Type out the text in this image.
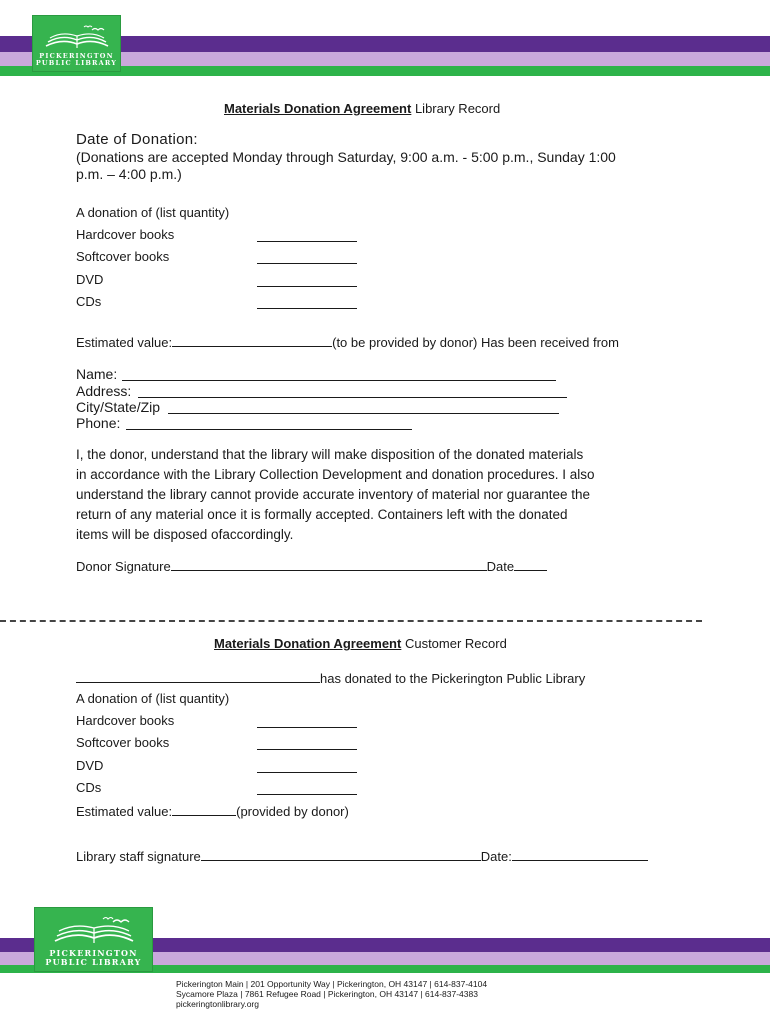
PICKERINGTON
PUBLIC LIBRARY
Materials Donation Agreement Library Record
Date of Donation:
(Donations are accepted Monday through Saturday, 9:00 a.m. - 5:00 p.m., Sunday 1:00
p.m. – 4:00 p.m.)
A donation of (list quantity)
Hardcover books
Softcover books
DVD
CDs
Estimated value:	(to be provided by donor) Has been received from
Name:
Address:
City/State/Zip
Phone:
I, the donor, understand that the library will make disposition of the donated materials
in accordance with the Library Collection Development and donation procedures. I also
understand the library cannot provide accurate inventory of material nor guarantee the
return of any material once it is formally accepted. Containers left with the donated
items will be disposed ofaccordingly.
Donor Signature	Date
Materials Donation Agreement Customer Record
has donated to the Pickerington Public Library
A donation of (list quantity)
Hardcover books
Softcover books
DVD
CDs
Estimated value:	(provided by donor)
Library staff signature	Date:
PICKERINGTON
PUBLIC LIBRARY
Pickerington Main | 201 Opportunity Way | Pickerington, OH 43147 | 614-837-4104
Sycamore Plaza | 7861 Refugee Road | Pickerington, OH 43147 | 614-837-4383
pickeringtonlibrary.org
